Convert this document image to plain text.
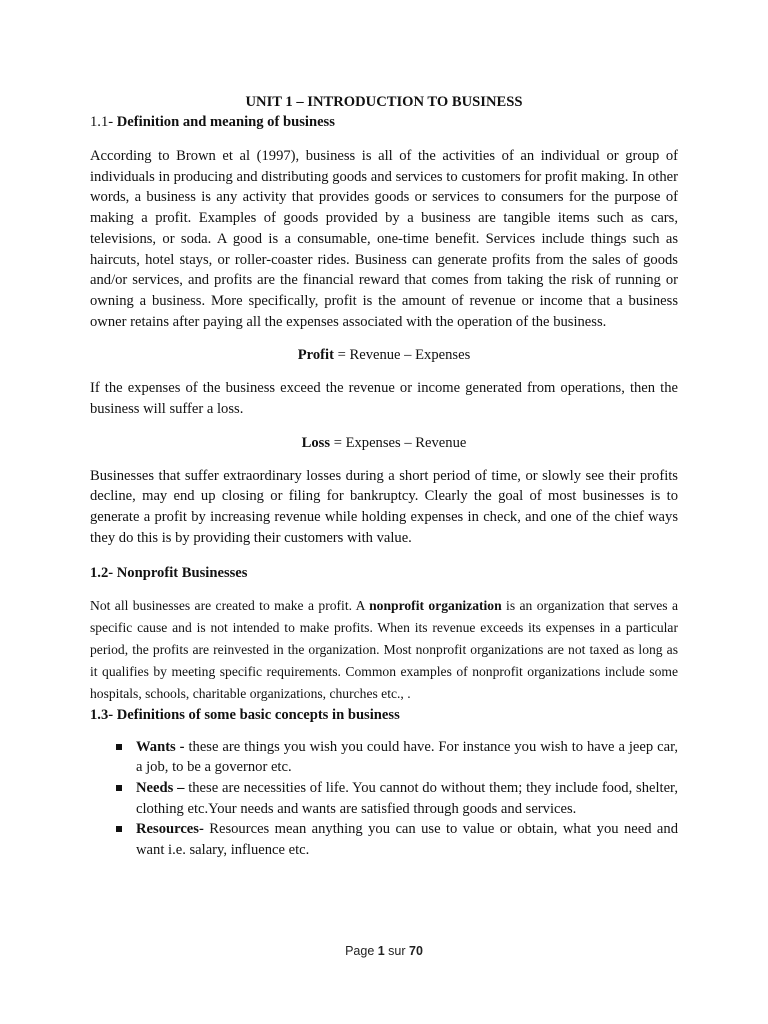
UNIT 1 – INTRODUCTION TO BUSINESS
1.1- Definition and meaning of business

According to Brown et al (1997), business is all of the activities of an individual or group of individuals in producing and distributing goods and services to customers for profit making. In other words, a business is any activity that provides goods or services to consumers for the purpose of making a profit. Examples of goods provided by a business are tangible items such as cars, televisions, or soda. A good is a consumable, one-time benefit. Services include things such as haircuts, hotel stays, or roller-coaster rides. Business can generate profits from the sales of goods and/or services, and profits are the financial reward that comes from taking the risk of running or owning a business. More specifically, profit is the amount of revenue or income that a business owner retains after paying all the expenses associated with the operation of the business.

Profit = Revenue – Expenses

If the expenses of the business exceed the revenue or income generated from operations, then the business will suffer a loss.

Loss = Expenses – Revenue

Businesses that suffer extraordinary losses during a short period of time, or slowly see their profits decline, may end up closing or filing for bankruptcy. Clearly the goal of most businesses is to generate a profit by increasing revenue while holding expenses in check, and one of the chief ways they do this is by providing their customers with value.

1.2- Nonprofit Businesses

Not all businesses are created to make a profit. A nonprofit organization is an organization that serves a specific cause and is not intended to make profits. When its revenue exceeds its expenses in a particular period, the profits are reinvested in the organization. Most nonprofit organizations are not taxed as long as it qualifies by meeting specific requirements. Common examples of nonprofit organizations include some hospitals, schools, charitable organizations, churches etc., .

1.3- Definitions of some basic concepts in business
Wants - these are things you wish you could have. For instance you wish to have a jeep car, a job, to be a governor etc.
Needs – these are necessities of life. You cannot do without them; they include food, shelter, clothing etc.Your needs and wants are satisfied through goods and services.
Resources- Resources mean anything you can use to value or obtain, what you need and want i.e. salary, influence etc.
Page 1 sur 70
